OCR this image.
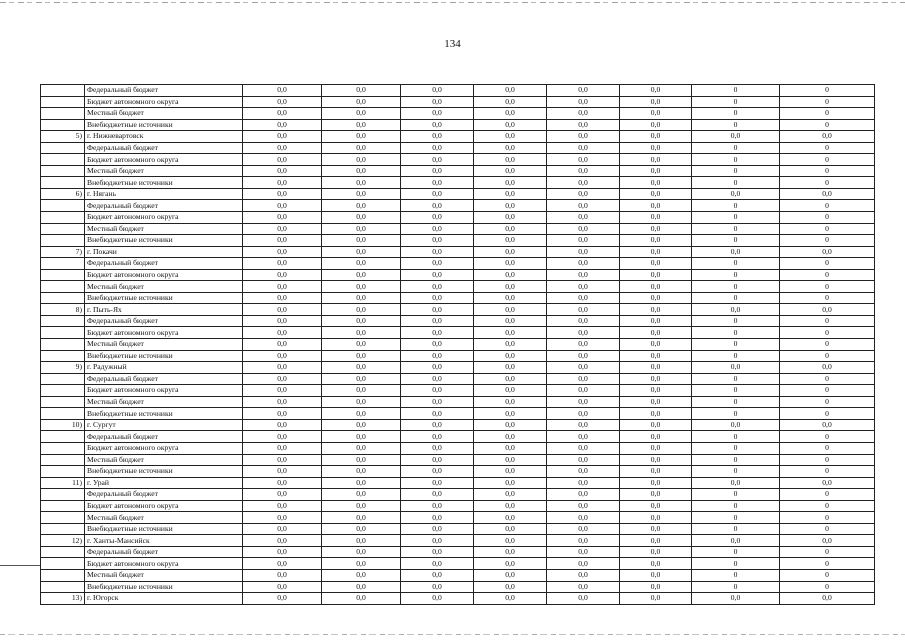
134
	Федеральный бюджет	0,0	0,0	0,0	0,0	0,0	0,0	0	0
	Бюджет автономного округа	0,0	0,0	0,0	0,0	0,0	0,0	0	0
	Местный бюджет	0,0	0,0	0,0	0,0	0,0	0,0	0	0
	Внебюджетные источники	0,0	0,0	0,0	0,0	0,0	0,0	0	0
5)	г. Нижневартовск	0,0	0,0	0,0	0,0	0,0	0,0	0,0	0,0
	Федеральный бюджет	0,0	0,0	0,0	0,0	0,0	0,0	0	0
	Бюджет автономного округа	0,0	0,0	0,0	0,0	0,0	0,0	0	0
	Местный бюджет	0,0	0,0	0,0	0,0	0,0	0,0	0	0
	Внебюджетные источники	0,0	0,0	0,0	0,0	0,0	0,0	0	0
6)	г. Нягань	0,0	0,0	0,0	0,0	0,0	0,0	0,0	0,0
	Федеральный бюджет	0,0	0,0	0,0	0,0	0,0	0,0	0	0
	Бюджет автономного округа	0,0	0,0	0,0	0,0	0,0	0,0	0	0
	Местный бюджет	0,0	0,0	0,0	0,0	0,0	0,0	0	0
	Внебюджетные источники	0,0	0,0	0,0	0,0	0,0	0,0	0	0
7)	г. Покачи	0,0	0,0	0,0	0,0	0,0	0,0	0,0	0,0
	Федеральный бюджет	0,0	0,0	0,0	0,0	0,0	0,0	0	0
	Бюджет автономного округа	0,0	0,0	0,0	0,0	0,0	0,0	0	0
	Местный бюджет	0,0	0,0	0,0	0,0	0,0	0,0	0	0
	Внебюджетные источники	0,0	0,0	0,0	0,0	0,0	0,0	0	0
8)	г. Пыть-Ях	0,0	0,0	0,0	0,0	0,0	0,0	0,0	0,0
	Федеральный бюджет	0,0	0,0	0,0	0,0	0,0	0,0	0	0
	Бюджет автономного округа	0,0	0,0	0,0	0,0	0,0	0,0	0	0
	Местный бюджет	0,0	0,0	0,0	0,0	0,0	0,0	0	0
	Внебюджетные источники	0,0	0,0	0,0	0,0	0,0	0,0	0	0
9)	г. Радужный	0,0	0,0	0,0	0,0	0,0	0,0	0,0	0,0
	Федеральный бюджет	0,0	0,0	0,0	0,0	0,0	0,0	0	0
	Бюджет автономного округа	0,0	0,0	0,0	0,0	0,0	0,0	0	0
	Местный бюджет	0,0	0,0	0,0	0,0	0,0	0,0	0	0
	Внебюджетные источники	0,0	0,0	0,0	0,0	0,0	0,0	0	0
10)	г. Сургут	0,0	0,0	0,0	0,0	0,0	0,0	0,0	0,0
	Федеральный бюджет	0,0	0,0	0,0	0,0	0,0	0,0	0	0
	Бюджет автономного округа	0,0	0,0	0,0	0,0	0,0	0,0	0	0
	Местный бюджет	0,0	0,0	0,0	0,0	0,0	0,0	0	0
	Внебюджетные источники	0,0	0,0	0,0	0,0	0,0	0,0	0	0
11)	г. Урай	0,0	0,0	0,0	0,0	0,0	0,0	0,0	0,0
	Федеральный бюджет	0,0	0,0	0,0	0,0	0,0	0,0	0	0
	Бюджет автономного округа	0,0	0,0	0,0	0,0	0,0	0,0	0	0
	Местный бюджет	0,0	0,0	0,0	0,0	0,0	0,0	0	0
	Внебюджетные источники	0,0	0,0	0,0	0,0	0,0	0,0	0	0
12)	г. Ханты-Мансийск	0,0	0,0	0,0	0,0	0,0	0,0	0,0	0,0
	Федеральный бюджет	0,0	0,0	0,0	0,0	0,0	0,0	0	0
	Бюджет автономного округа	0,0	0,0	0,0	0,0	0,0	0,0	0	0
	Местный бюджет	0,0	0,0	0,0	0,0	0,0	0,0	0	0
	Внебюджетные источники	0,0	0,0	0,0	0,0	0,0	0,0	0	0
13)	г. Югорск	0,0	0,0	0,0	0,0	0,0	0,0	0,0	0,0
